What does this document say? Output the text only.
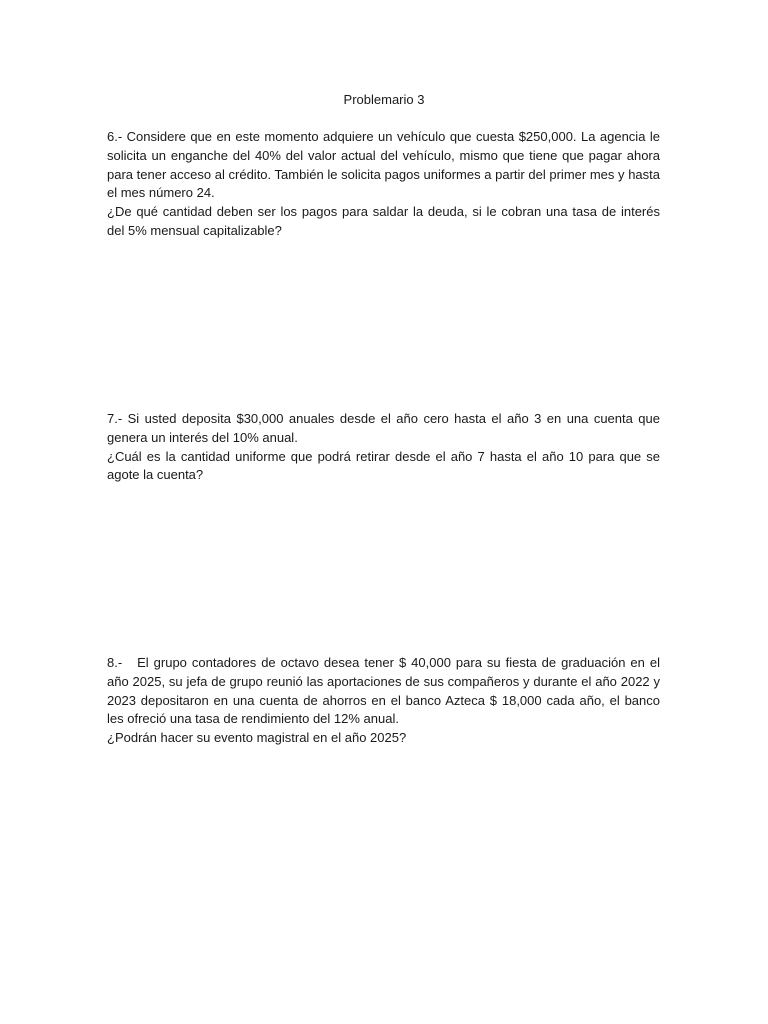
Problemario 3

6.- Considere que en este momento adquiere un vehículo que cuesta $250,000. La agencia le solicita un enganche del 40% del valor actual del vehículo, mismo que tiene que pagar ahora para tener acceso al crédito. También le solicita pagos uniformes a partir del primer mes y hasta el mes número 24.

¿De qué cantidad deben ser los pagos para saldar la deuda, si le cobran una tasa de interés del 5% mensual capitalizable?

7.- Si usted deposita $30,000 anuales desde el año cero hasta el año 3 en una cuenta que genera un interés del 10% anual.

¿Cuál es la cantidad uniforme que podrá retirar desde el año 7 hasta el año 10 para que se agote la cuenta?

8.-   El grupo contadores de octavo desea tener $ 40,000 para su fiesta de graduación en el año 2025, su jefa de grupo reunió las aportaciones de sus compañeros y durante el año 2022 y 2023 depositaron en una cuenta de ahorros en el banco Azteca $ 18,000 cada año, el banco les ofreció una tasa de rendimiento del 12% anual.

¿Podrán hacer su evento magistral en el año 2025?
